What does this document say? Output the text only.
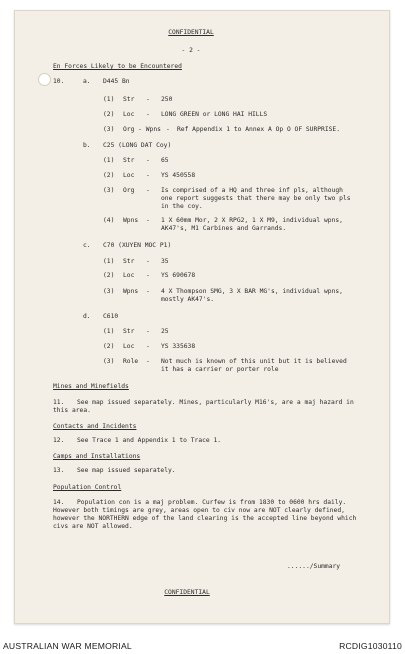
CONFIDENTIAL
- 2 -
En Forces Likely to be Encountered
10.	a. D445 Bn
(1) Str - 250
(2) Loc - LONG GREEN or LONG HAI HILLS
(3) Org - Wpns - Ref Appendix 1 to Annex A Op O OF SURPRISE.
b. C25 (LONG DAT Coy)
(1) Str - 65
(2) Loc - YS 450558
(3) Org - Is comprised of a HQ and three inf pls, although one report suggests that there may be only two pls in the coy.
(4) Wpns - 1 X 60mm Mor, 2 X RPG2, 1 X M9, individual wpns, AK47's, M1 Carbines and Garrands.
c. C70 (XUYEN MOC P1)
(1) Str - 35
(2) Loc - YS 690678
(3) Wpns - 4 X Thompson SMG, 3 X BAR MG's, individual wpns, mostly AK47's.
d. C610
(1) Str - 25
(2) Loc - YS 335638
(3) Role - Not much is known of this unit but it is believed it has a carrier or porter role
Mines and Minefields
11.	See map issued separately. Mines, particularly M16's, are a maj hazard in this area.
Contacts and Incidents
12. See Trace 1 and Appendix 1 to Trace 1.
Camps and Installations
13. See map issued separately.
Population Control
14.	Population con is a maj problem. Curfew is from 1830 to 0600 hrs daily. However both timings are grey, areas open to civ now are NOT clearly defined, however the NORTHERN edge of the land clearing is the accepted line beyond which civs are NOT allowed.
....../Summary
CONFIDENTIAL
AUSTRALIAN WAR MEMORIAL	RCDIG1030110
